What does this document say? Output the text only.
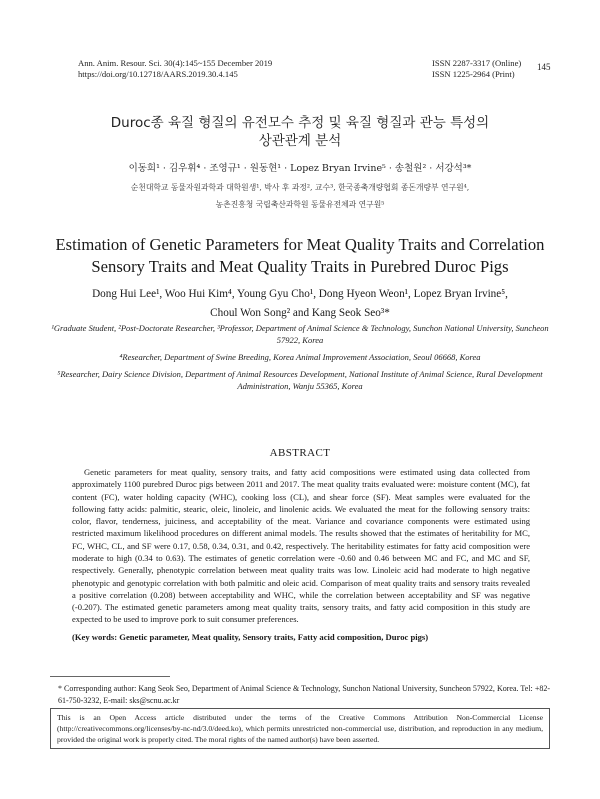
Ann. Anim. Resour. Sci. 30(4):145~155 December 2019
https://doi.org/10.12718/AARS.2019.30.4.145
ISSN 2287-3317 (Online)
ISSN 1225-2964 (Print)
145
Duroc종 육질 형질의 유전모수 추정 및 육질 형질과 관능 특성의
상관관계 분석
이동희¹ · 김우휘⁴ · 조영규¹ · 원동현¹ · Lopez Bryan Irvine⁵ · 송철원² · 서강석³*
순천대학교 동물자원과학과 대학원생¹, 박사 후 과정², 교수³, 한국종축개량협회 종돈개량부 연구원⁴,
농촌진흥청 국립축산과학원 동물유전체과 연구원⁵
Estimation of Genetic Parameters for Meat Quality Traits and Correlation
Sensory Traits and Meat Quality Traits in Purebred Duroc Pigs
Dong Hui Lee¹, Woo Hui Kim⁴, Young Gyu Cho¹, Dong Hyeon Weon¹, Lopez Bryan Irvine⁵,
Choul Won Song² and Kang Seok Seo³*
¹Graduate Student, ²Post-Doctorate Researcher, ³Professor, Department of Animal Science & Technology, Sunchon National University, Suncheon 57922, Korea
⁴Researcher, Department of Swine Breeding, Korea Animal Improvement Association, Seoul 06668, Korea
⁵Researcher, Dairy Science Division, Department of Animal Resources Development, National Institute of Animal Science, Rural Development Administration, Wanju 55365, Korea
ABSTRACT
Genetic parameters for meat quality, sensory traits, and fatty acid compositions were estimated using data collected from approximately 1100 purebred Duroc pigs between 2011 and 2017. The meat quality traits evaluated were: moisture content (MC), fat content (FC), water holding capacity (WHC), cooking loss (CL), and shear force (SF). Meat samples were evaluated for the following fatty acids: palmitic, stearic, oleic, linoleic, and linolenic acids. We evaluated the meat for the following sensory traits: color, flavor, tenderness, juiciness, and acceptability of the meat. Variance and covariance components were estimated using restricted maximum likelihood procedures on different animal models. The results showed that the estimates of heritability for MC, FC, WHC, CL, and SF were 0.17, 0.58, 0.34, 0.31, and 0.42, respectively. The heritability estimates for fatty acid composition were moderate to high (0.34 to 0.63). The estimates of genetic correlation were -0.60 and 0.46 between MC and FC, and MC and SF, respectively. Generally, phenotypic correlation between meat quality traits was low. Linoleic acid had moderate to high negative phenotypic and genotypic correlation with both palmitic and oleic acid. Comparison of meat quality traits and sensory traits revealed a positive correlation (0.208) between acceptability and WHC, while the correlation between acceptability and SF was negative (-0.207). The estimated genetic parameters among meat quality traits, sensory traits, and fatty acid composition in this study are expected to be used to improve pork to suit consumer preferences.
(Key words: Genetic parameter, Meat quality, Sensory traits, Fatty acid composition, Duroc pigs)
* Corresponding author: Kang Seok Seo, Department of Animal Science & Technology, Sunchon National University, Suncheon 57922, Korea. Tel: +82-61-750-3232, E-mail: sks@scnu.ac.kr
This is an Open Access article distributed under the terms of the Creative Commons Attribution Non-Commercial License (http://creativecommons.org/licenses/by-nc-nd/3.0/deed.ko), which permits unrestricted non-commercial use, distribution, and reproduction in any medium, provided the original work is properly cited. The moral rights of the named author(s) have been asserted.
